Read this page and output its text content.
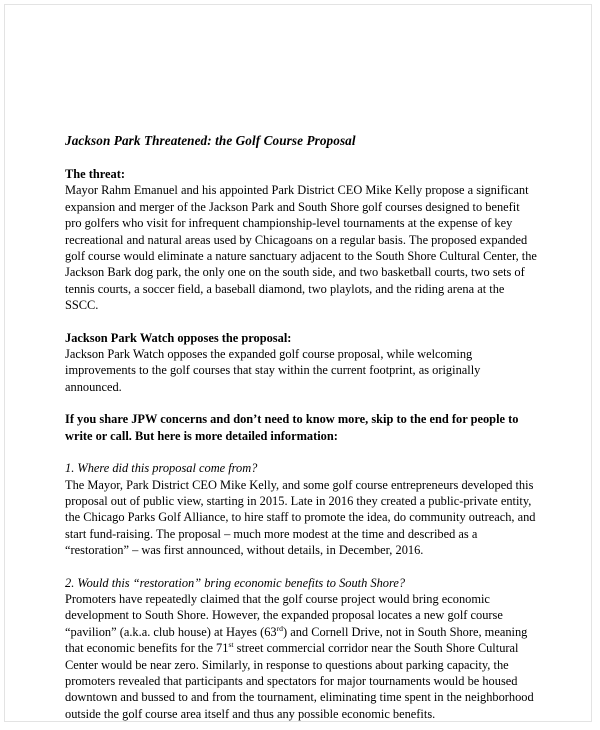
Jackson Park Threatened: the Golf Course Proposal

The threat:

Mayor Rahm Emanuel and his appointed Park District CEO Mike Kelly propose a significant expansion and merger of the Jackson Park and South Shore golf courses designed to benefit pro golfers who visit for infrequent championship-level tournaments at the expense of key recreational and natural areas used by Chicagoans on a regular basis. The proposed expanded golf course would eliminate a nature sanctuary adjacent to the South Shore Cultural Center, the Jackson Bark dog park, the only one on the south side, and two basketball courts, two sets of tennis courts, a soccer field, a baseball diamond, two playlots, and the riding arena at the SSCC.

Jackson Park Watch opposes the proposal:

Jackson Park Watch opposes the expanded golf course proposal, while welcoming improvements to the golf courses that stay within the current footprint, as originally announced.

If you share JPW concerns and don’t need to know more, skip to the end for people to write or call. But here is more detailed information:

1. Where did this proposal come from?

The Mayor, Park District CEO Mike Kelly, and some golf course entrepreneurs developed this proposal out of public view, starting in 2015. Late in 2016 they created a public-private entity, the Chicago Parks Golf Alliance, to hire staff to promote the idea, do community outreach, and start fund-raising. The proposal – much more modest at the time and described as a “restoration” – was first announced, without details, in December, 2016.

2. Would this “restoration” bring economic benefits to South Shore?

Promoters have repeatedly claimed that the golf course project would bring economic development to South Shore. However, the expanded proposal locates a new golf course “pavilion” (a.k.a. club house) at Hayes (63rd) and Cornell Drive, not in South Shore, meaning that economic benefits for the 71st street commercial corridor near the South Shore Cultural Center would be near zero. Similarly, in response to questions about parking capacity, the promoters revealed that participants and spectators for major tournaments would be housed downtown and bussed to and from the tournament, eliminating time spent in the neighborhood outside the golf course area itself and thus any possible economic benefits.
